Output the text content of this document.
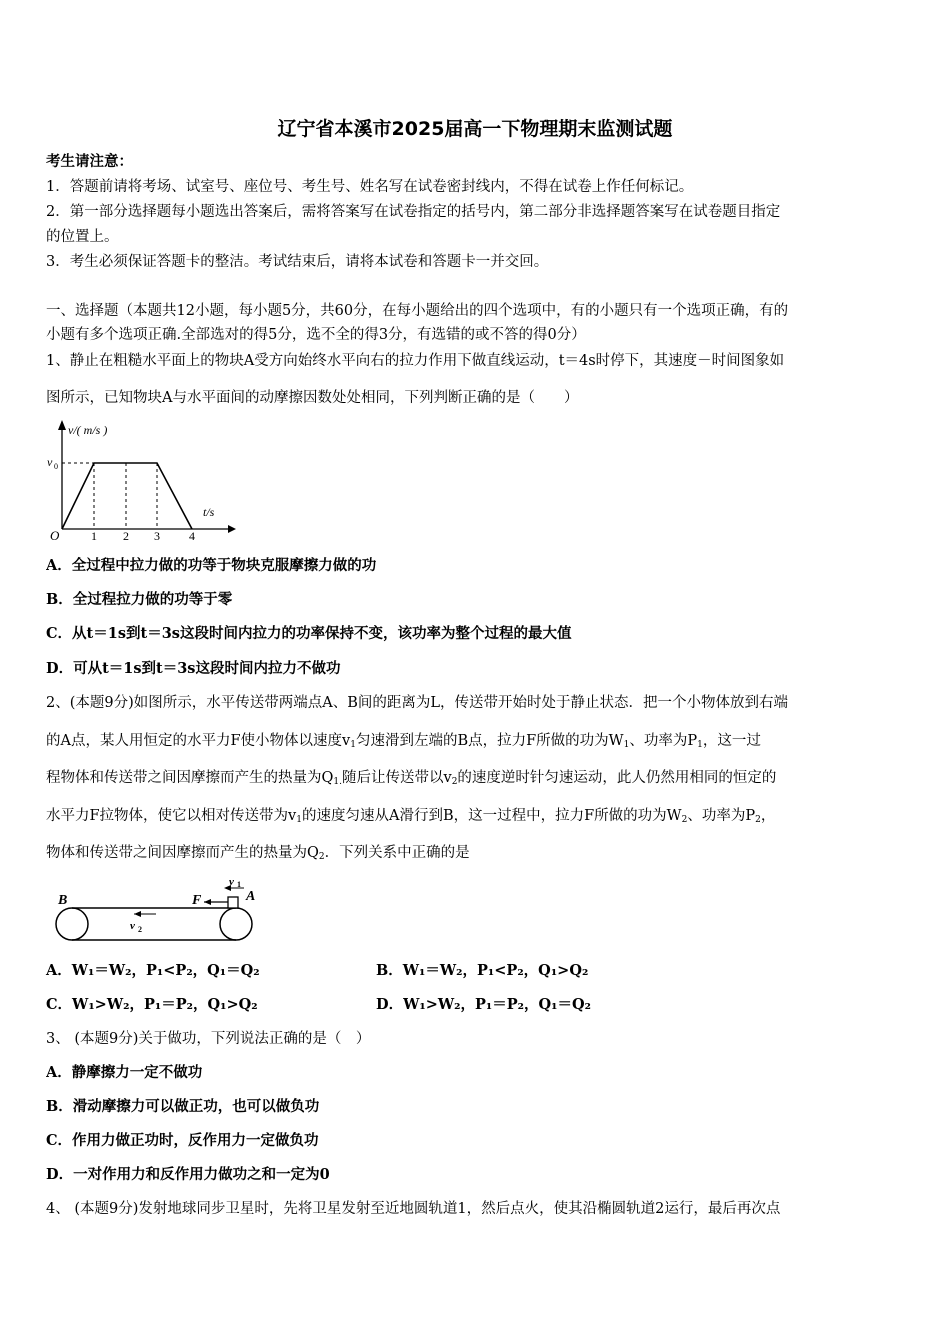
辽宁省本溪市2025届高一下物理期末监测试题
考生请注意：
1．答题前请将考场、试室号、座位号、考生号、姓名写在试卷密封线内，不得在试卷上作任何标记。
2．第一部分选择题每小题选出答案后，需将答案写在试卷指定的括号内，第二部分非选择题答案写在试卷题目指定
的位置上。
3．考生必须保证答题卡的整洁。考试结束后，请将本试卷和答题卡一并交回。
一、选择题（本题共12小题，每小题5分，共60分，在每小题给出的四个选项中，有的小题只有一个选项正确，有的
小题有多个选项正确.全部选对的得5分，选不全的得3分，有选错的或不答的得0分）
1、静止在粗糙水平面上的物块A受方向始终水平向右的拉力作用下做直线运动，t＝4s时停下，其速度－时间图象如
图所示，已知物块A与水平面间的动摩擦因数处处相同，下列判断正确的是（　　）
v/( m/s )
v 0
O
t/s
1 2 3 4
A．全过程中拉力做的功等于物块克服摩擦力做的功
B．全过程拉力做的功等于零
C．从t＝1s到t＝3s这段时间内拉力的功率保持不变，该功率为整个过程的最大值
D．可从t＝1s到t＝3s这段时间内拉力不做功
2、(本题9分)如图所示，水平传送带两端点A、B间的距离为L，传送带开始时处于静止状态．把一个小物体放到右端
的A点，某人用恒定的水平力F使小物体以速度$v_1$匀速滑到左端的B点，拉力F所做的功为$W_1$、功率为$P_1$，这一过
程物体和传送带之间因摩擦而产生的热量为$Q_{1.}$随后让传送带以$v_2$的速度逆时针匀速运动，此人仍然用相同的恒定的
水平力F拉物体，使它以相对传送带为$v_1$的速度匀速从A滑行到B，这一过程中，拉力F所做的功为$W_2$、功率为$P_2$，
物体和传送带之间因摩擦而产生的热量为$Q_2$．下列关系中正确的是
B	A
F
v 1
v 2
A．W₁＝W₂，P₁<P₂，Q₁＝Q₂	B．W₁＝W₂，P₁<P₂，Q₁>Q₂
C．W₁>W₂，P₁＝P₂，Q₁>Q₂	D．W₁>W₂，P₁＝P₂，Q₁＝Q₂
3、 (本题9分)关于做功，下列说法正确的是（　）
A．静摩擦力一定不做功
B．滑动摩擦力可以做正功，也可以做负功
C．作用力做正功时，反作用力一定做负功
D．一对作用力和反作用力做功之和一定为0
4、 (本题9分)发射地球同步卫星时，先将卫星发射至近地圆轨道1，然后点火，使其沿椭圆轨道2运行，最后再次点
